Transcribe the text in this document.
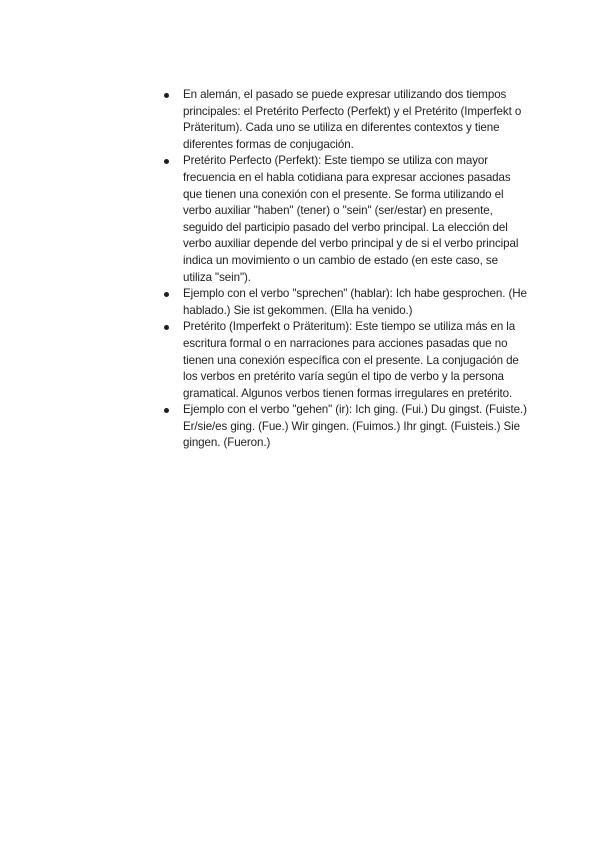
En alemán, el pasado se puede expresar utilizando dos tiempos principales: el Pretérito Perfecto (Perfekt) y el Pretérito (Imperfekt o Präteritum). Cada uno se utiliza en diferentes contextos y tiene diferentes formas de conjugación.
Pretérito Perfecto (Perfekt): Este tiempo se utiliza con mayor frecuencia en el habla cotidiana para expresar acciones pasadas que tienen una conexión con el presente. Se forma utilizando el verbo auxiliar "haben" (tener) o "sein" (ser/estar) en presente, seguido del participio pasado del verbo principal. La elección del verbo auxiliar depende del verbo principal y de si el verbo principal indica un movimiento o un cambio de estado (en este caso, se utiliza "sein").
Ejemplo con el verbo "sprechen" (hablar): Ich habe gesprochen. (He hablado.) Sie ist gekommen. (Ella ha venido.)
Pretérito (Imperfekt o Präteritum): Este tiempo se utiliza más en la escritura formal o en narraciones para acciones pasadas que no tienen una conexión específica con el presente. La conjugación de los verbos en pretérito varía según el tipo de verbo y la persona gramatical. Algunos verbos tienen formas irregulares en pretérito.
Ejemplo con el verbo "gehen" (ir): Ich ging. (Fui.) Du gingst. (Fuiste.) Er/sie/es ging. (Fue.) Wir gingen. (Fuimos.) Ihr gingt. (Fuisteis.) Sie gingen. (Fueron.)
